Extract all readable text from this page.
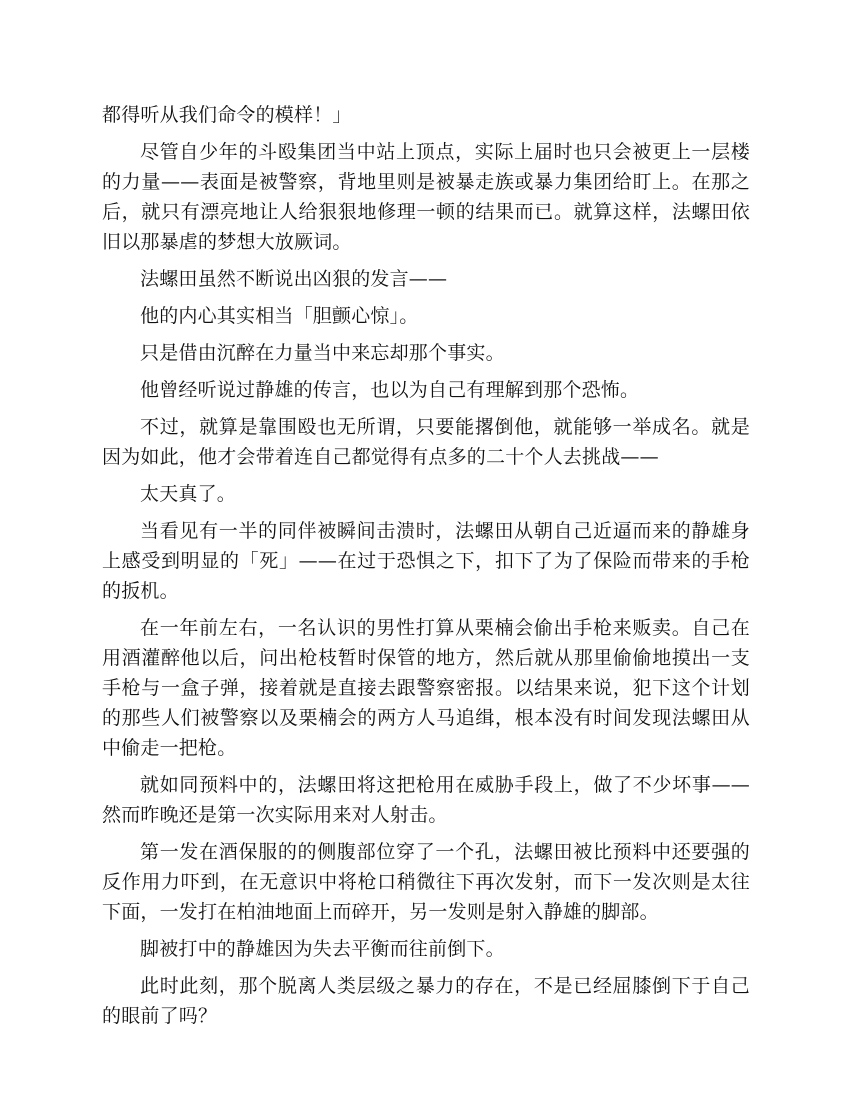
都得听从我们命令的模样！」

尽管自少年的斗殴集团当中站上顶点，实际上届时也只会被更上一层楼的力量——表面是被警察，背地里则是被暴走族或暴力集团给盯上。在那之后，就只有漂亮地让人给狠狠地修理一顿的结果而已。就算这样，法螺田依旧以那暴虐的梦想大放厥词。

法螺田虽然不断说出凶狠的发言——

他的内心其实相当「胆颤心惊」。

只是借由沉醉在力量当中来忘却那个事实。

他曾经听说过静雄的传言，也以为自己有理解到那个恐怖。

不过，就算是靠围殴也无所谓，只要能撂倒他，就能够一举成名。就是因为如此，他才会带着连自己都觉得有点多的二十个人去挑战——

太天真了。

当看见有一半的同伴被瞬间击溃时，法螺田从朝自己近逼而来的静雄身上感受到明显的「死」——在过于恐惧之下，扣下了为了保险而带来的手枪的扳机。

在一年前左右，一名认识的男性打算从栗楠会偷出手枪来贩卖。自己在用酒灌醉他以后，问出枪枝暂时保管的地方，然后就从那里偷偷地摸出一支手枪与一盒子弹，接着就是直接去跟警察密报。以结果来说，犯下这个计划的那些人们被警察以及栗楠会的两方人马追缉，根本没有时间发现法螺田从中偷走一把枪。

就如同预料中的，法螺田将这把枪用在威胁手段上，做了不少坏事——然而昨晚还是第一次实际用来对人射击。

第一发在酒保服的的侧腹部位穿了一个孔，法螺田被比预料中还要强的反作用力吓到，在无意识中将枪口稍微往下再次发射，而下一发次则是太往下面，一发打在柏油地面上而碎开，另一发则是射入静雄的脚部。

脚被打中的静雄因为失去平衡而往前倒下。

此时此刻，那个脱离人类层级之暴力的存在，不是已经屈膝倒下于自己的眼前了吗？
